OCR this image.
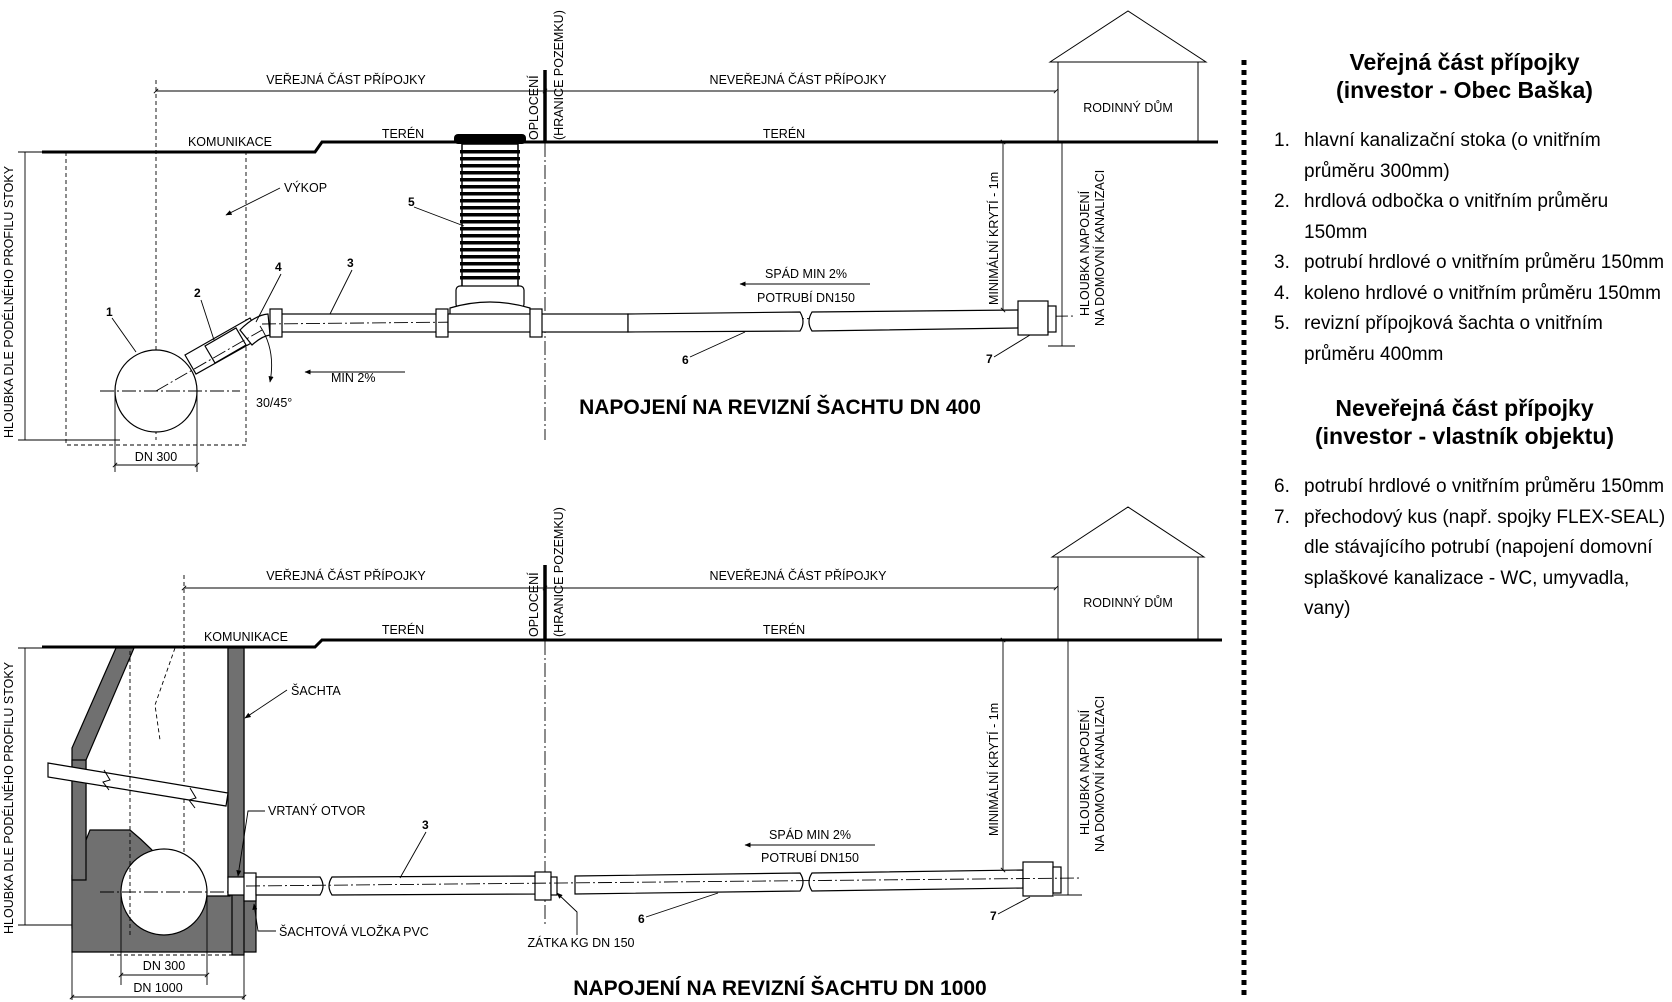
RODINNÝ DŮM
VEŘEJNÁ ČÁST PŘÍPOJKY	NEVEŘEJNÁ ČÁST PŘÍPOJKY
OPLOCENÍ (HRANICE POZEMKU)
KOMUNIKACE
TERÉN	TERÉN
VÝKOP
HLOUBKA DLE PODÉLNÉHO PROFILU STOKY
DN 300
30/45°
SPÁD MIN 2%
POTRUBÍ DN150
MIN 2%
MINIMÁLNÍ KRYTÍ - 1m	HLOUBKA NAPOJENÍ NA DOMOVNÍ KANALIZACI
1
2
4	3
5
6	7
NAPOJENÍ NA REVIZNÍ ŠACHTU DN 400
RODINNÝ DŮM
VEŘEJNÁ ČÁST PŘÍPOJKY	NEVEŘEJNÁ ČÁST PŘÍPOJKY
OPLOCENÍ (HRANICE POZEMKU)
KOMUNIKACE	TERÉN	TERÉN
HLOUBKA DLE PODÉLNÉHO PROFILU STOKY
DN 300
DN 1000
ŠACHTA
VRTANÝ OTVOR
ŠACHTOVÁ VLOŽKA PVC
ZÁTKA KG DN 150
SPÁD MIN 2%
POTRUBÍ DN150
MINIMÁLNÍ KRYTÍ - 1m	HLOUBKA NAPOJENÍ NA DOMOVNÍ KANALIZACI
3
6	7
NAPOJENÍ NA REVIZNÍ ŠACHTU DN 1000

Veřejná část přípojky

(investor - Obec Baška)

1. hlavní kanalizační stoka (o vnitřním průměru 300mm)
2. hrdlová odbočka o vnitřním průměru 150mm
3. potrubí hrdlové o vnitřním průměru 150mm
4. koleno hrdlové o vnitřním průměru 150mm
5. revizní přípojková šachta o vnitřním průměru 400mm

Neveřejná část přípojky

(investor - vlastník objektu)

6. potrubí hrdlové o vnitřním průměru 150mm
7. přechodový kus (např. spojky FLEX-SEAL) dle stávajícího potrubí (napojení domovní splaškové kanalizace - WC, umyvadla, vany)
